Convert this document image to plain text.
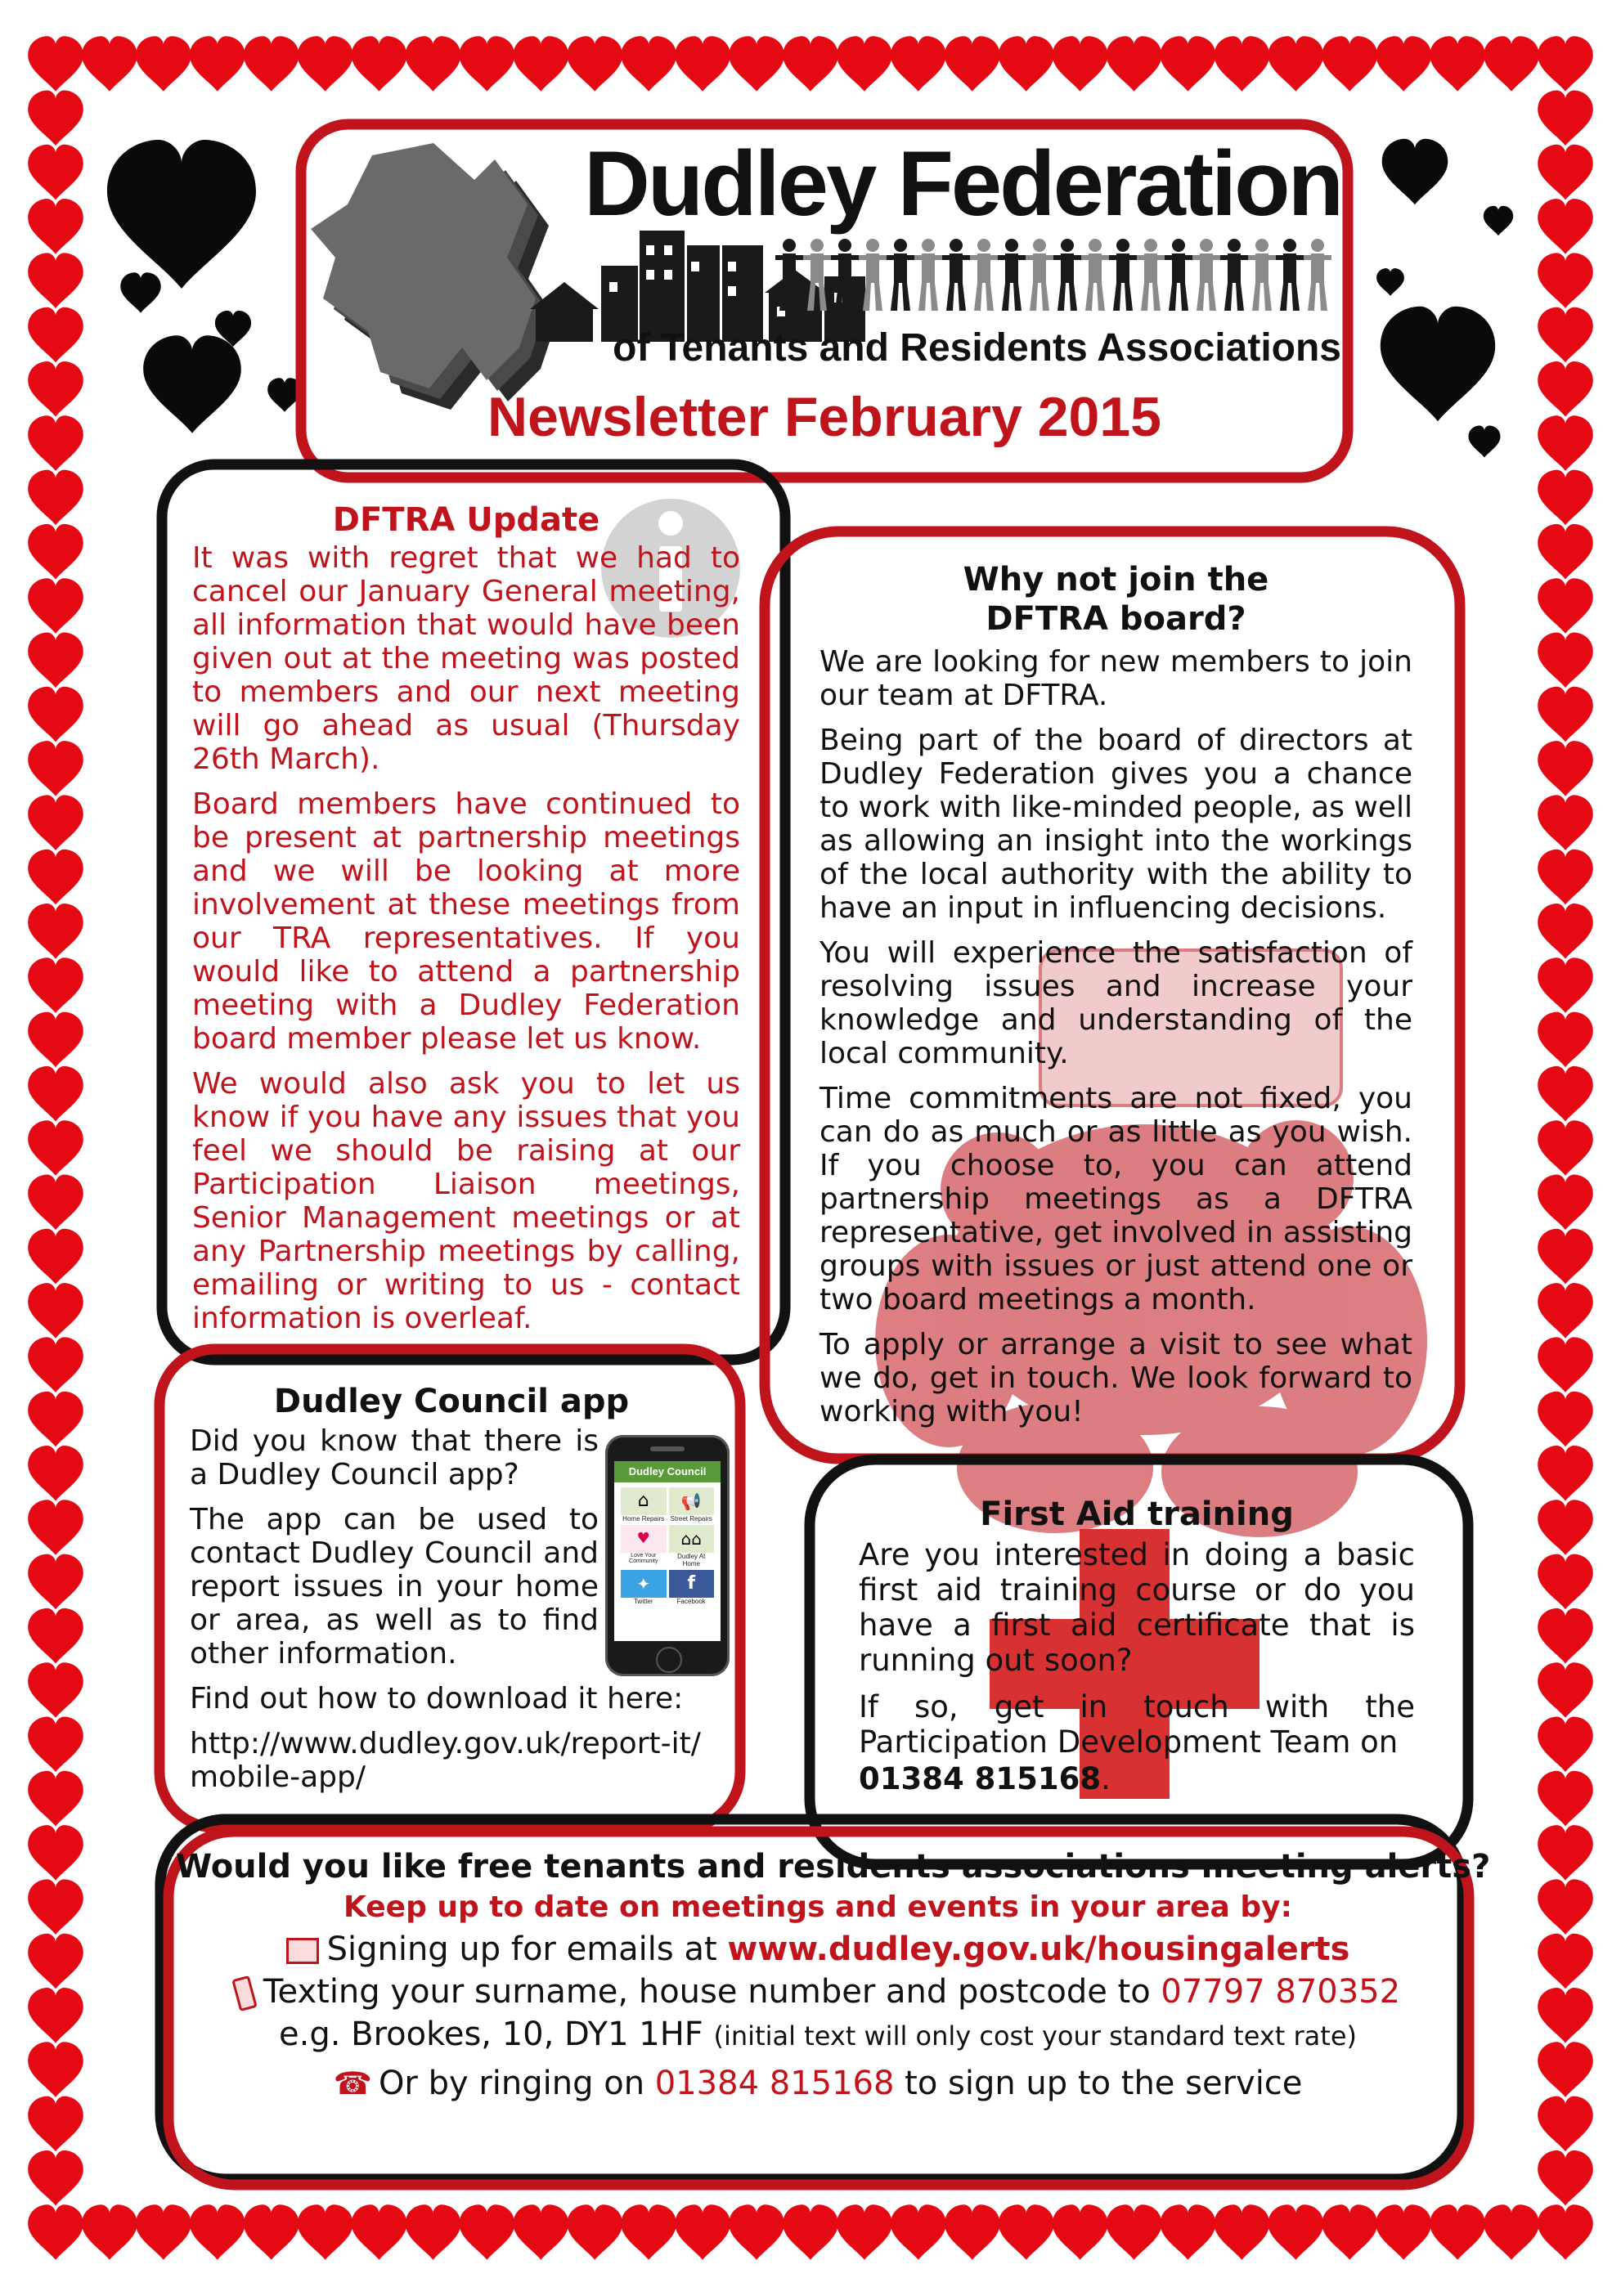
Dudley Federation
of Tenants and Residents Associations
Newsletter February 2015
DFTRA Update

It was with regret that we had to cancel our January General meeting, all information that would have been given out at the meeting was posted to members and our next meeting will go ahead as usual (Thursday 26th March).

Board members have continued to be present at partnership meetings and we will be looking at more involvement at these meetings from our TRA representatives. If you would like to attend a partnership meeting with a Dudley Federation board member please let us know.

We would also ask you to let us know if you have any issues that you feel we should be raising at our Participation Liaison meetings, Senior Management meetings or at any Partnership meetings by calling, emailing or writing to us - contact information is overleaf.

Why not join the
DFTRA board?

We are looking for new members to join our team at DFTRA.

Being part of the board of directors at Dudley Federation gives you a chance to work with like-minded people, as well as allowing an insight into the workings of the local authority with the ability to have an input in influencing decisions.

You will experience the satisfaction of resolving issues and increase your knowledge and understanding of the local community.

Time commitments are not fixed, you can do as much or as little as you wish. If you choose to, you can attend partnership meetings as a DFTRA representative, get involved in assisting groups with issues or just attend one or two board meetings a month.

To apply or arrange a visit to see what we do, get in touch. We look forward to working with you!

Dudley Council app

Did you know that there is a Dudley Council app?

The app can be used to contact Dudley Council and report issues in your home or area, as well as to find other information.

Find out how to download it here:

http://www.dudley.gov.uk/report-it/mobile-app/
Dudley Council
⌂
Home Repairs
📢
Street Repairs
♥
Love Your Community
⌂⌂
Dudley At Home
✦
Twitter
f
Facebook
First Aid training

Are you interested in doing a basic first aid training course or do you have a first aid certificate that is running out soon?

If so, get in touch with the Participation Development Team on

01384 815168.
Would you like free tenants and residents associations meeting alerts?
Keep up to date on meetings and events in your area by:
Signing up for emails at www.dudley.gov.uk/housingalerts
Texting your surname, house number and postcode to 07797 870352
e.g. Brookes, 10, DY1 1HF (initial text will only cost your standard text rate)
☎ Or by ringing on 01384 815168 to sign up to the service
